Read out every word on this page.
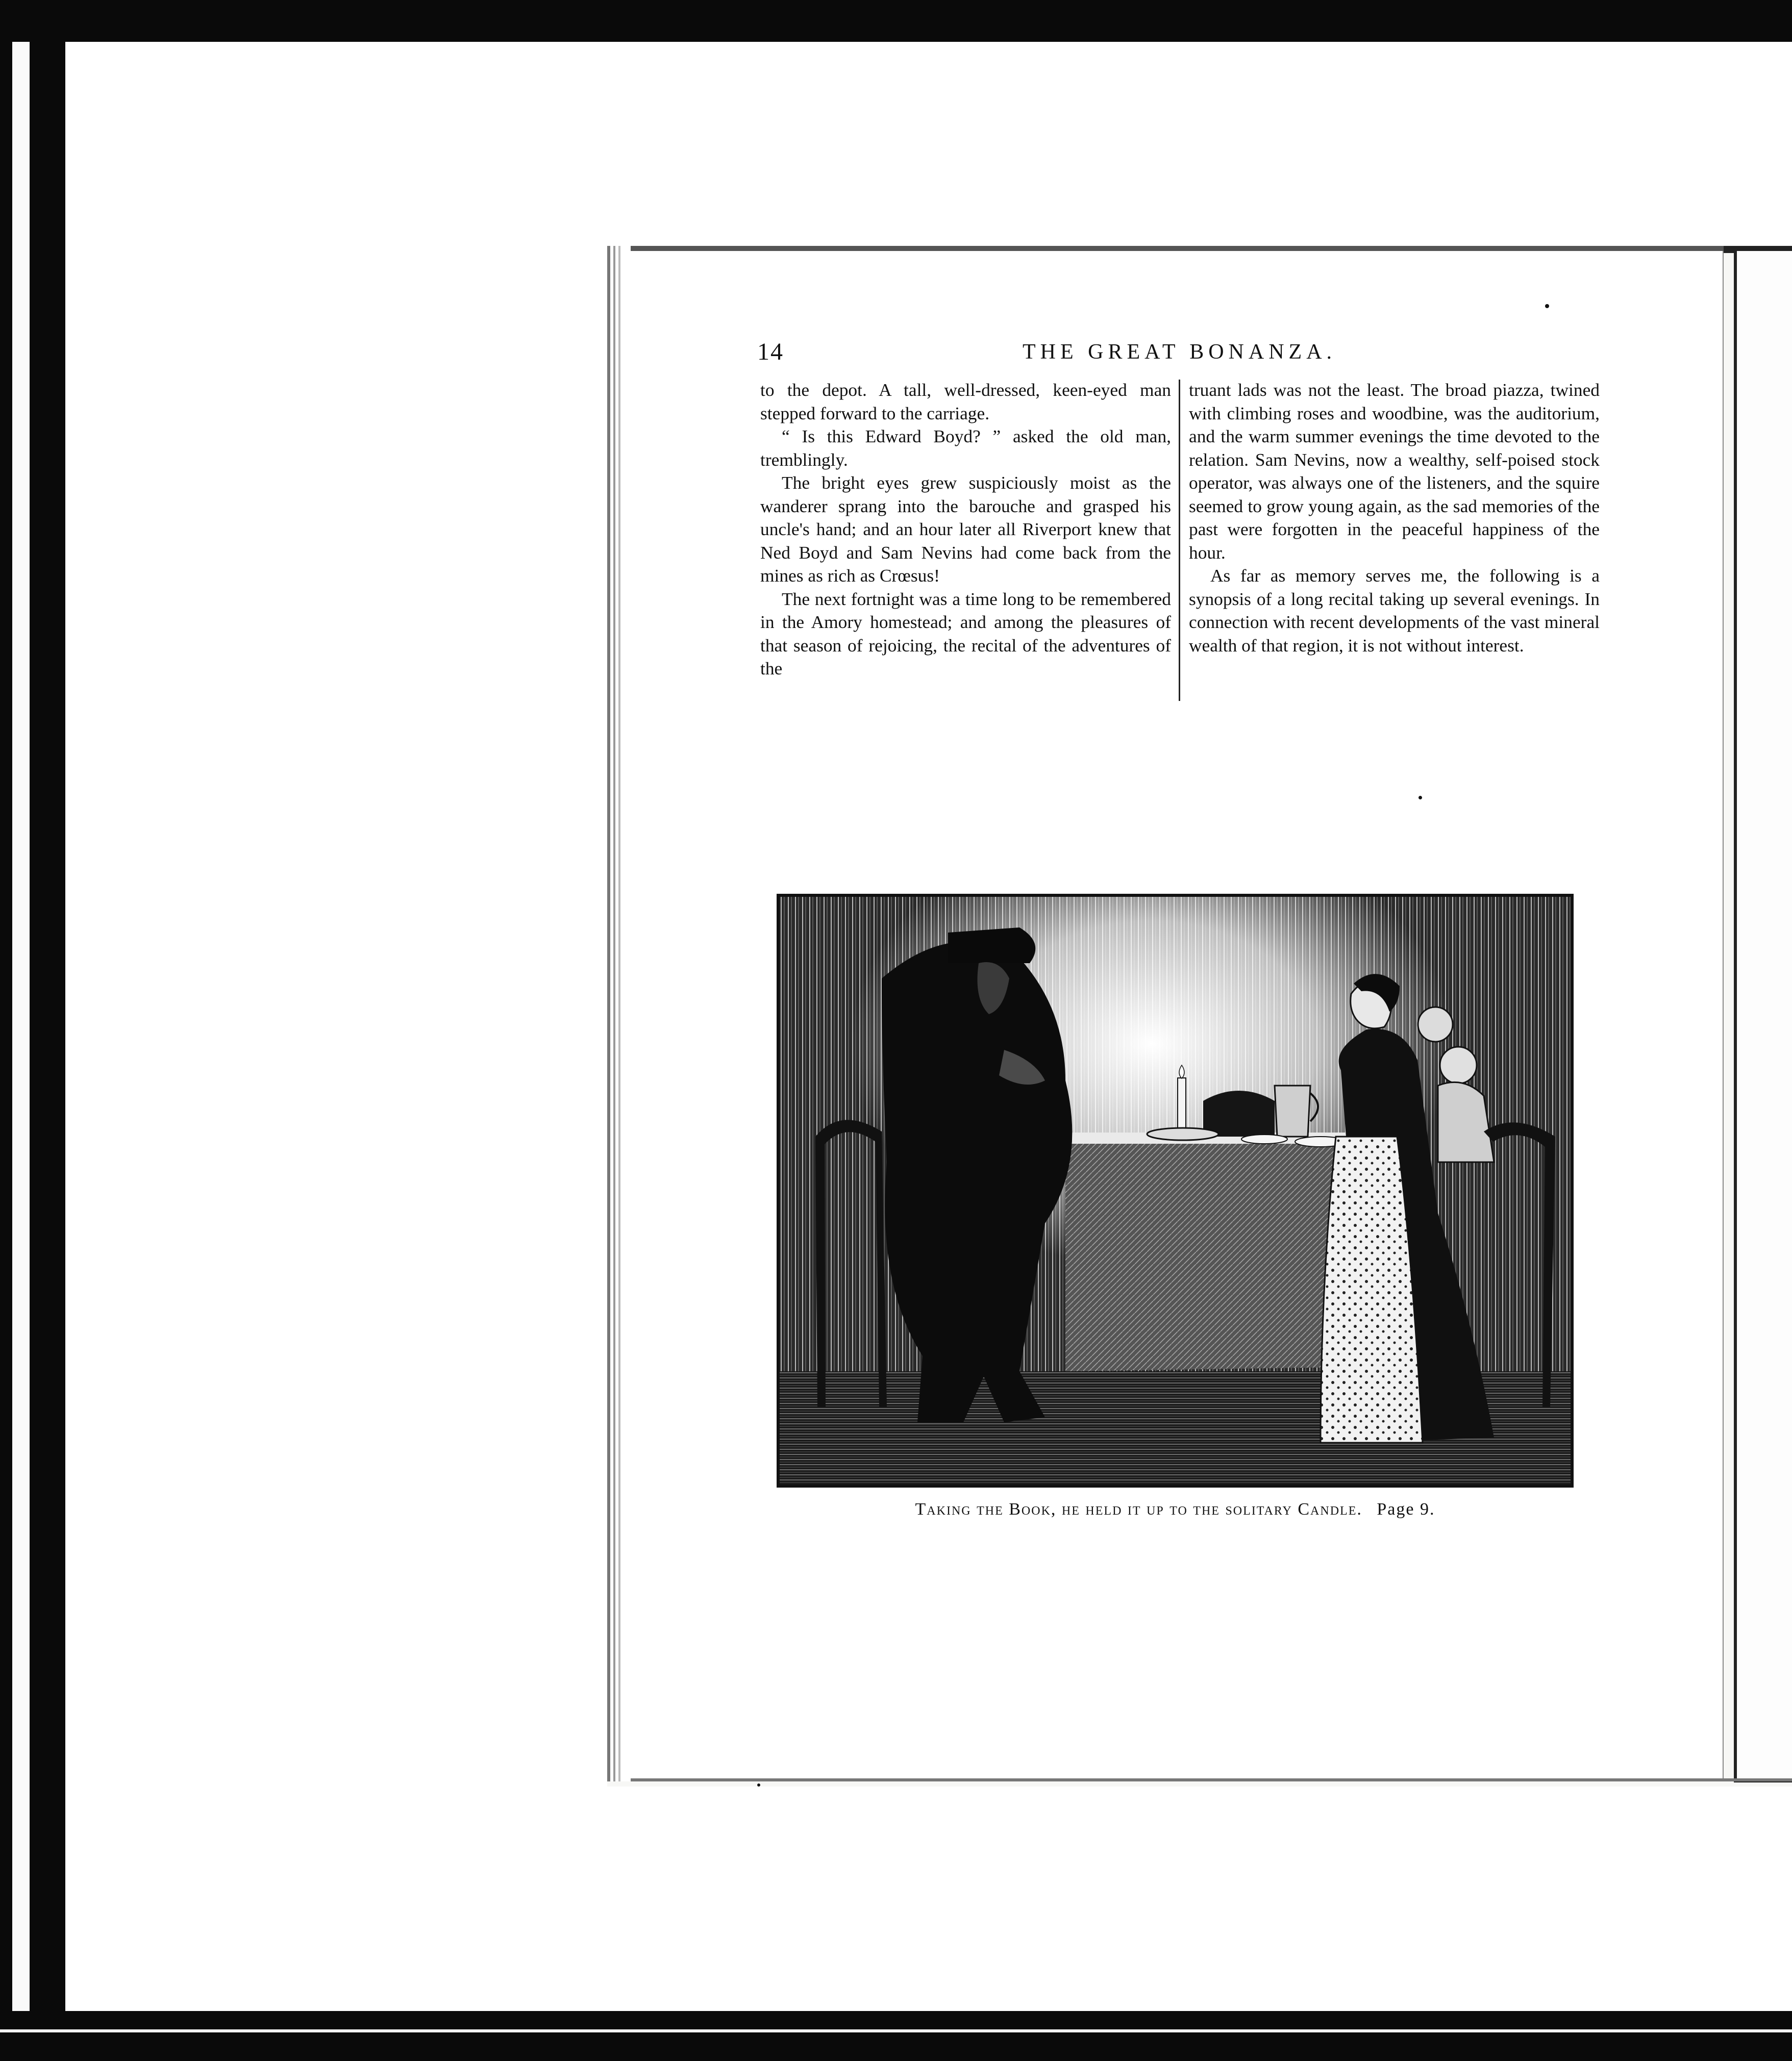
14	THE GREAT BONANZA.

to the depot. A tall, well-dressed, keen-eyed man stepped forward to the carriage.

“ Is this Edward Boyd? ” asked the old man, tremblingly.

The bright eyes grew suspiciously moist as the wanderer sprang into the barouche and grasped his uncle's hand; and an hour later all Riverport knew that Ned Boyd and Sam Nevins had come back from the mines as rich as Crœsus!

The next fortnight was a time long to be remembered in the Amory homestead; and among the pleasures of that season of rejoicing, the recital of the adventures of the

truant lads was not the least. The broad piazza, twined with climbing roses and woodbine, was the auditorium, and the warm summer evenings the time devoted to the relation. Sam Nevins, now a wealthy, self-poised stock operator, was always one of the listeners, and the squire seemed to grow young again, as the sad memories of the past were forgotten in the peaceful happiness of the hour.

As far as memory serves me, the following is a synopsis of a long recital taking up several evenings. In connection with recent developments of the vast mineral wealth of that region, it is not without interest.

Taking the Book, he held it up to the solitary Candle. Page 9.
